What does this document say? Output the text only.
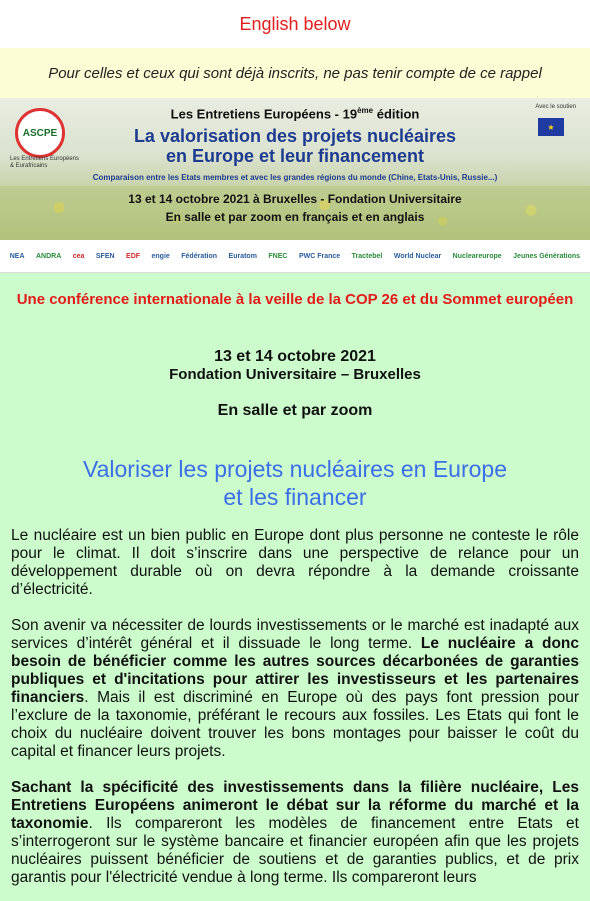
English below
Pour celles et ceux qui sont déjà inscrits, ne pas tenir compte de ce rappel
ASCPE
Les Entretiens Européens & Eurafricains
Les Entretiens Européens - 19ème édition
La valorisation des projets nucléaires
en Europe et leur financement
Comparaison entre les Etats membres et avec les grandes régions du monde (Chine, Etats-Unis, Russie...)
13 et 14 octobre 2021 à Bruxelles - Fondation Universitaire
En salle et par zoom en français et en anglais
Avec le soutien
★
NEA ANDRA cea SFEN EDF engie Fédération Euratom FNEC PWC France Tractebel World Nuclear Nucleareurope Jeunes Générations
Une conférence internationale à la veille de la COP 26 et du Sommet européen
13 et 14 octobre 2021
Fondation Universitaire – Bruxelles
En salle et par zoom
Valoriser les projets nucléaires en Europe
et les financer

Le nucléaire est un bien public en Europe dont plus personne ne conteste le rôle pour le climat. Il doit s’inscrire dans une perspective de relance pour un développement durable où on devra répondre à la demande croissante d’électricité.

Son avenir va nécessiter de lourds investissements or le marché est inadapté aux services d’intérêt général et il dissuade le long terme. Le nucléaire a donc besoin de bénéficier comme les autres sources décarbonées de garanties publiques et d'incitations pour attirer les investisseurs et les partenaires financiers. Mais il est discriminé en Europe où des pays font pression pour l’exclure de la taxonomie, préférant le recours aux fossiles. Les Etats qui font le choix du nucléaire doivent trouver les bons montages pour baisser le coût du capital et financer leurs projets.

Sachant la spécificité des investissements dans la filière nucléaire, Les Entretiens Européens animeront le débat sur la réforme du marché et la taxonomie. Ils compareront les modèles de financement entre Etats et s’interrogeront sur le système bancaire et financier européen afin que les projets nucléaires puissent bénéficier de soutiens et de garanties publics, et de prix garantis pour l'électricité vendue à long terme. Ils compareront leurs
